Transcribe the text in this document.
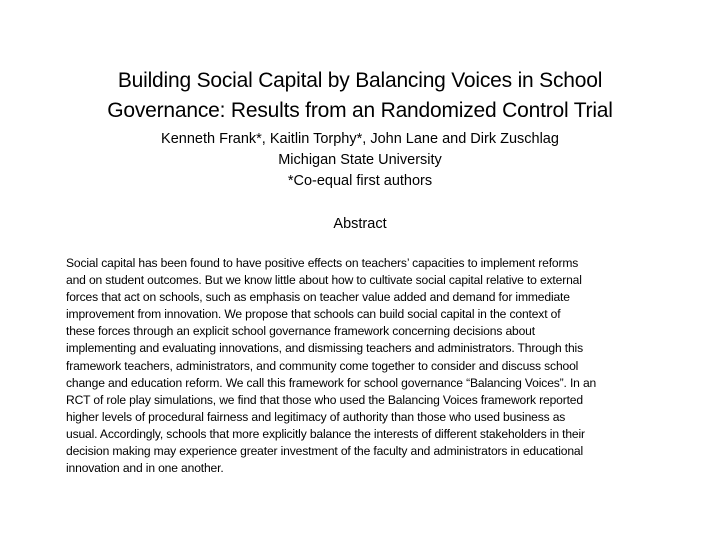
Building Social Capital by Balancing Voices in School
Governance: Results from an Randomized Control Trial
Kenneth Frank*, Kaitlin Torphy*, John Lane and Dirk Zuschlag
Michigan State University
*Co-equal first authors
Abstract
Social capital has been found to have positive effects on teachers’ capacities to implement reforms
and on student outcomes. But we know little about how to cultivate social capital relative to external
forces that act on schools, such as emphasis on teacher value added and demand for immediate
improvement from innovation. We propose that schools can build social capital in the context of
these forces through an explicit school governance framework concerning decisions about
implementing and evaluating innovations, and dismissing teachers and administrators. Through this
framework teachers, administrators, and community come together to consider and discuss school
change and education reform. We call this framework for school governance “Balancing Voices”. In an
RCT of role play simulations, we find that those who used the Balancing Voices framework reported
higher levels of procedural fairness and legitimacy of authority than those who used business as
usual. Accordingly, schools that more explicitly balance the interests of different stakeholders in their
decision making may experience greater investment of the faculty and administrators in educational
innovation and in one another.
